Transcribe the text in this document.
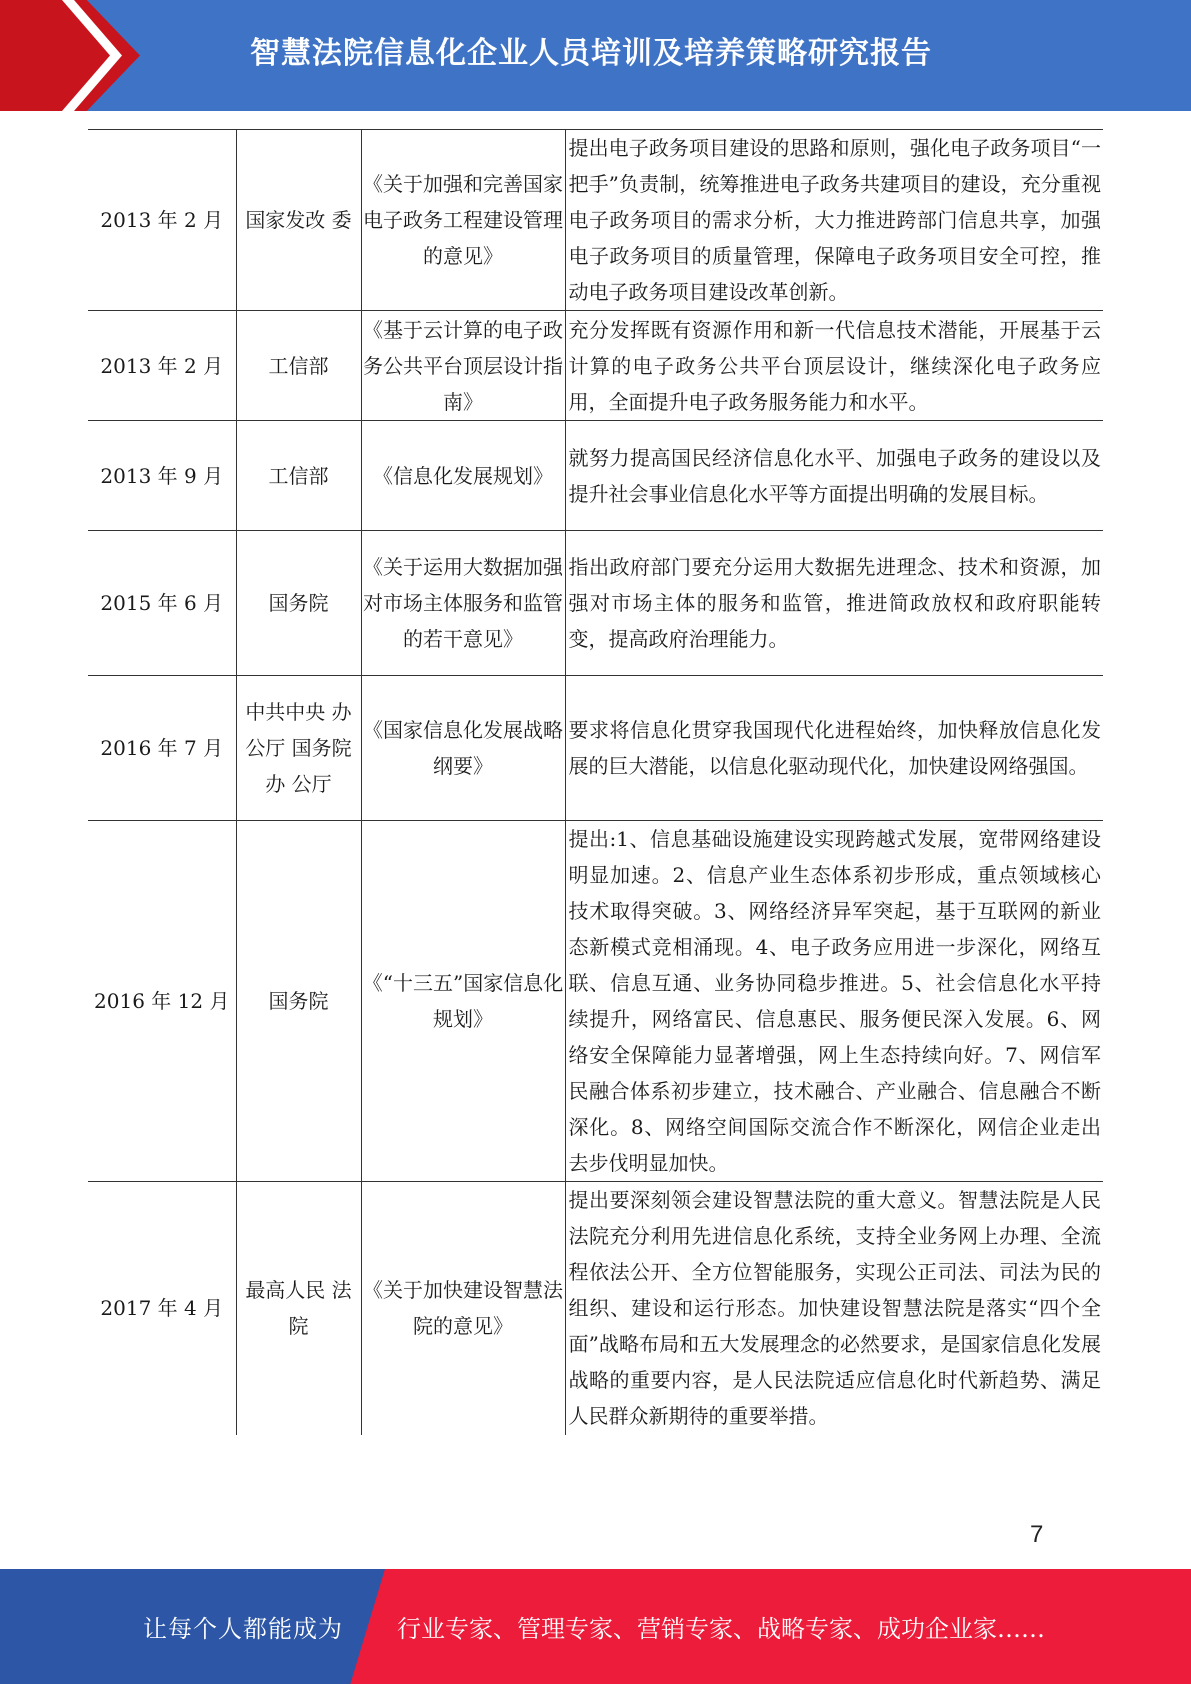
智慧法院信息化企业人员培训及培养策略研究报告
2013 年 2 月	国家发改 委	《关于加强和完善国家电子政务工程建设管理的意见》	提出电子政务项目建设的思路和原则，强化电子政务项目“一把手”负责制，统筹推进电子政务共建项目的建设，充分重视电子政务项目的需求分析，大力推进跨部门信息共享，加强电子政务项目的质量管理，保障电子政务项目安全可控，推动电子政务项目建设改革创新。
2013 年 2 月	工信部	《基于云计算的电子政务公共平台顶层设计指南》	充分发挥既有资源作用和新一代信息技术潜能，开展基于云计算的电子政务公共平台顶层设计，继续深化电子政务应用，全面提升电子政务服务能力和水平。
2013 年 9 月	工信部	《信息化发展规划》	就努力提高国民经济信息化水平、加强电子政务的建设以及提升社会事业信息化水平等方面提出明确的发展目标。
2015 年 6 月	国务院	《关于运用大数据加强对市场主体服务和监管的若干意见》	指出政府部门要充分运用大数据先进理念、技术和资源，加强对市场主体的服务和监管，推进简政放权和政府职能转变，提高政府治理能力。
2016 年 7 月	中共中央 办公厅 国务院办 公厅	《国家信息化发展战略纲要》	要求将信息化贯穿我国现代化进程始终，加快释放信息化发展的巨大潜能，以信息化驱动现代化，加快建设网络强国。
2016 年 12 月	国务院	《“十三五”国家信息化规划》	提出:1、信息基础设施建设实现跨越式发展，宽带网络建设明显加速。2、信息产业生态体系初步形成，重点领域核心技术取得突破。3、网络经济异军突起，基于互联网的新业态新模式竞相涌现。4、电子政务应用进一步深化，网络互联、信息互通、业务协同稳步推进。5、社会信息化水平持续提升，网络富民、信息惠民、服务便民深入发展。6、网络安全保障能力显著增强，网上生态持续向好。7、网信军民融合体系初步建立，技术融合、产业融合、信息融合不断深化。8、网络空间国际交流合作不断深化，网信企业走出去步伐明显加快。
2017 年 4 月	最高人民 法院	《关于加快建设智慧法院的意见》	提出要深刻领会建设智慧法院的重大意义。智慧法院是人民法院充分利用先进信息化系统，支持全业务网上办理、全流程依法公开、全方位智能服务，实现公正司法、司法为民的组织、建设和运行形态。加快建设智慧法院是落实“四个全面”战略布局和五大发展理念的必然要求，是国家信息化发展战略的重要内容，是人民法院适应信息化时代新趋势、满足人民群众新期待的重要举措。
7
让每个人都能成为 行业专家、管理专家、营销专家、战略专家、成功企业家……
